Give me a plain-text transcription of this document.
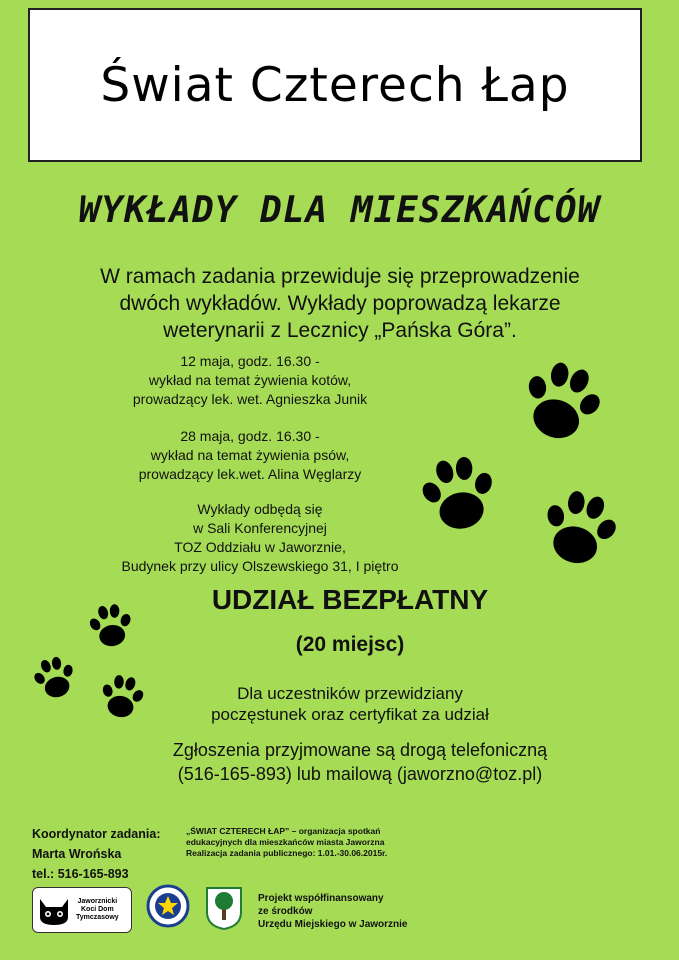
Świat Czterech Łap
WYKŁADY DLA MIESZKAŃCÓW
W ramach zadania przewiduje się przeprowadzenie
dwóch wykładów. Wykłady poprowadzą lekarze
weterynarii z Lecznicy „Pańska Góra”.
12 maja, godz. 16.30 -
wykład na temat żywienia kotów,
prowadzący lek. wet. Agnieszka Junik
28 maja, godz. 16.30 -
wykład na temat żywienia psów,
prowadzący lek.wet. Alina Węglarzy
Wykłady odbędą się
w Sali Konferencyjnej
TOZ Oddziału w Jaworznie,
Budynek przy ulicy Olszewskiego 31, I piętro
UDZIAŁ BEZPŁATNY
(20 miejsc)
Dla uczestników przewidziany
poczęstunek oraz certyfikat za udział
Zgłoszenia przyjmowane są drogą telefoniczną
(516-165-893) lub mailową (jaworzno@toz.pl)
Koordynator zadania:
Marta Wrońska
tel.: 516-165-893
„ŚWIAT CZTERECH ŁAP” – organizacja spotkań
edukacyjnych dla mieszkańców miasta Jaworzna
Realizacja zadania publicznego: 1.01.-30.06.2015r.
Jaworznicki
Koci Dom
Tymczasowy
Projekt współfinansowany
ze środków
Urzędu Miejskiego w Jaworznie
